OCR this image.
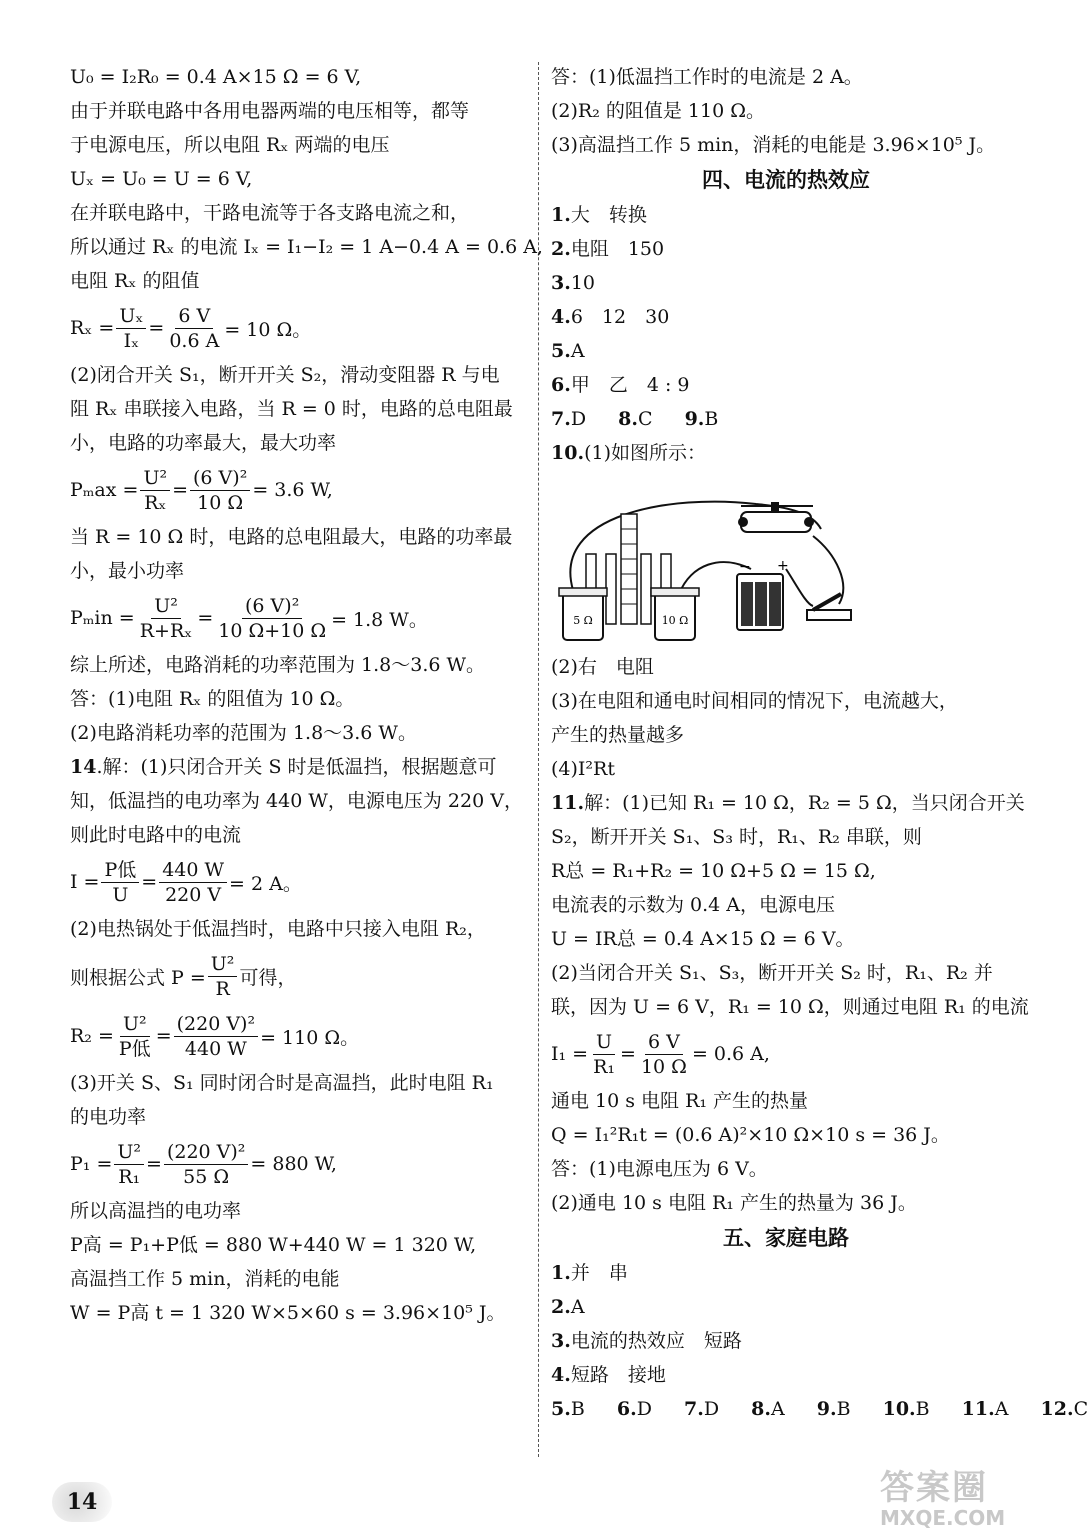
U₀ = I₂R₀ = 0.4 A×15 Ω = 6 V,
由于并联电路中各用电器两端的电压相等，都等
于电源电压，所以电阻 Rₓ 两端的电压
Uₓ = U₀ = U = 6 V,
在并联电路中，干路电流等于各支路电流之和，
所以通过 Rₓ 的电流 Iₓ = I₁−I₂ = 1 A−0.4 A = 0.6 A,
电阻 Rₓ 的阻值
$R_x = \frac{\text{Uₓ}}{\text{Iₓ}} = \frac{6 V}{0.6 A} = 10$ Ω。
(2)闭合开关 S₁，断开开关 S₂，滑动变阻器 R 与电
阻 Rₓ 串联接入电路，当 R = 0 时，电路的总电阻最
小，电路的功率最大，最大功率
$P_max = \frac{\text{U²}}{\text{Rₓ}} = \frac{\text{(6 V)²}}{10 \Omega} = 3.6$ W,
当 R = 10 Ω 时，电路的总电阻最大，电路的功率最
小，最小功率
$P_min = \frac{\text{U²}}{\text{R+Rₓ}} = \frac{\text{(6 V)²}}{10 \Omega+10 \Omega} = 1.8$ W。
综上所述，电路消耗的功率范围为 1.8～3.6 W。
答：(1)电阻 Rₓ 的阻值为 10 Ω。
(2)电路消耗功率的范围为 1.8～3.6 W。
14.解：(1)只闭合开关 S 时是低温挡，根据题意可
知，低温挡的电功率为 440 W，电源电压为 220 V，
则此时电路中的电流
$I = \frac{\text{P低}}{U} = \frac{440 W}{220 V} = 2$ A。
(2)电热锅处于低温挡时，电路中只接入电阻 R₂，
则根据公式 $P = \frac{\text{U²}}{R}$ 可得，
$R_2 = \frac{\text{U²}}{\text{P低}} = \frac{\text{(220 V)²}}{440 W} = 110$ Ω。
(3)开关 S、S₁ 同时闭合时是高温挡，此时电阻 R₁
的电功率
$P_1 = \frac{\text{U²}}{\text{R₁}} = \frac{\text{(220 V)²}}{55 \Omega} = 880$ W,
所以高温挡的电功率
P高 = P₁+P低 = 880 W+440 W = 1 320 W,
高温挡工作 5 min，消耗的电能
W = P高 t = 1 320 W×5×60 s = 3.96×10⁵ J。
答：(1)低温挡工作时的电流是 2 A。
(2)R₂ 的阻值是 110 Ω。
(3)高温挡工作 5 min，消耗的电能是 3.96×10⁵ J。
四、电流的热效应
1.大　转换
2.电阻　150
3.10
4.6　12　30
5.A
6.甲　乙　4 : 9
7.D 8.C 9.B
10.(1)如图所示：
5 Ω	10 Ω
− +
(2)右　电阻
(3)在电阻和通电时间相同的情况下，电流越大，
产生的热量越多
(4)I²Rt
11.解：(1)已知 R₁ = 10 Ω，R₂ = 5 Ω，当只闭合开关
S₂，断开开关 S₁、S₃ 时，R₁、R₂ 串联，则
R总 = R₁+R₂ = 10 Ω+5 Ω = 15 Ω,
电流表的示数为 0.4 A，电源电压
U = IR总 = 0.4 A×15 Ω = 6 V。
(2)当闭合开关 S₁、S₃，断开开关 S₂ 时，R₁、R₂ 并
联，因为 U = 6 V，R₁ = 10 Ω，则通过电阻 R₁ 的电流
$I_1 = \frac{U}{\text{R₁}} = \frac{6 V}{10 \Omega} = 0.6$ A,
通电 10 s 电阻 R₁ 产生的热量
Q = I₁²R₁t = (0.6 A)²×10 Ω×10 s = 36 J。
答：(1)电源电压为 6 V。
(2)通电 10 s 电阻 R₁ 产生的热量为 36 J。
五、家庭电路
1.并　串
2.A
3.电流的热效应　短路
4.短路　接地
5.B 6.D 7.D 8.A 9.B 10.B 11.A 12.C
14	答案圈
MXQE.COM
